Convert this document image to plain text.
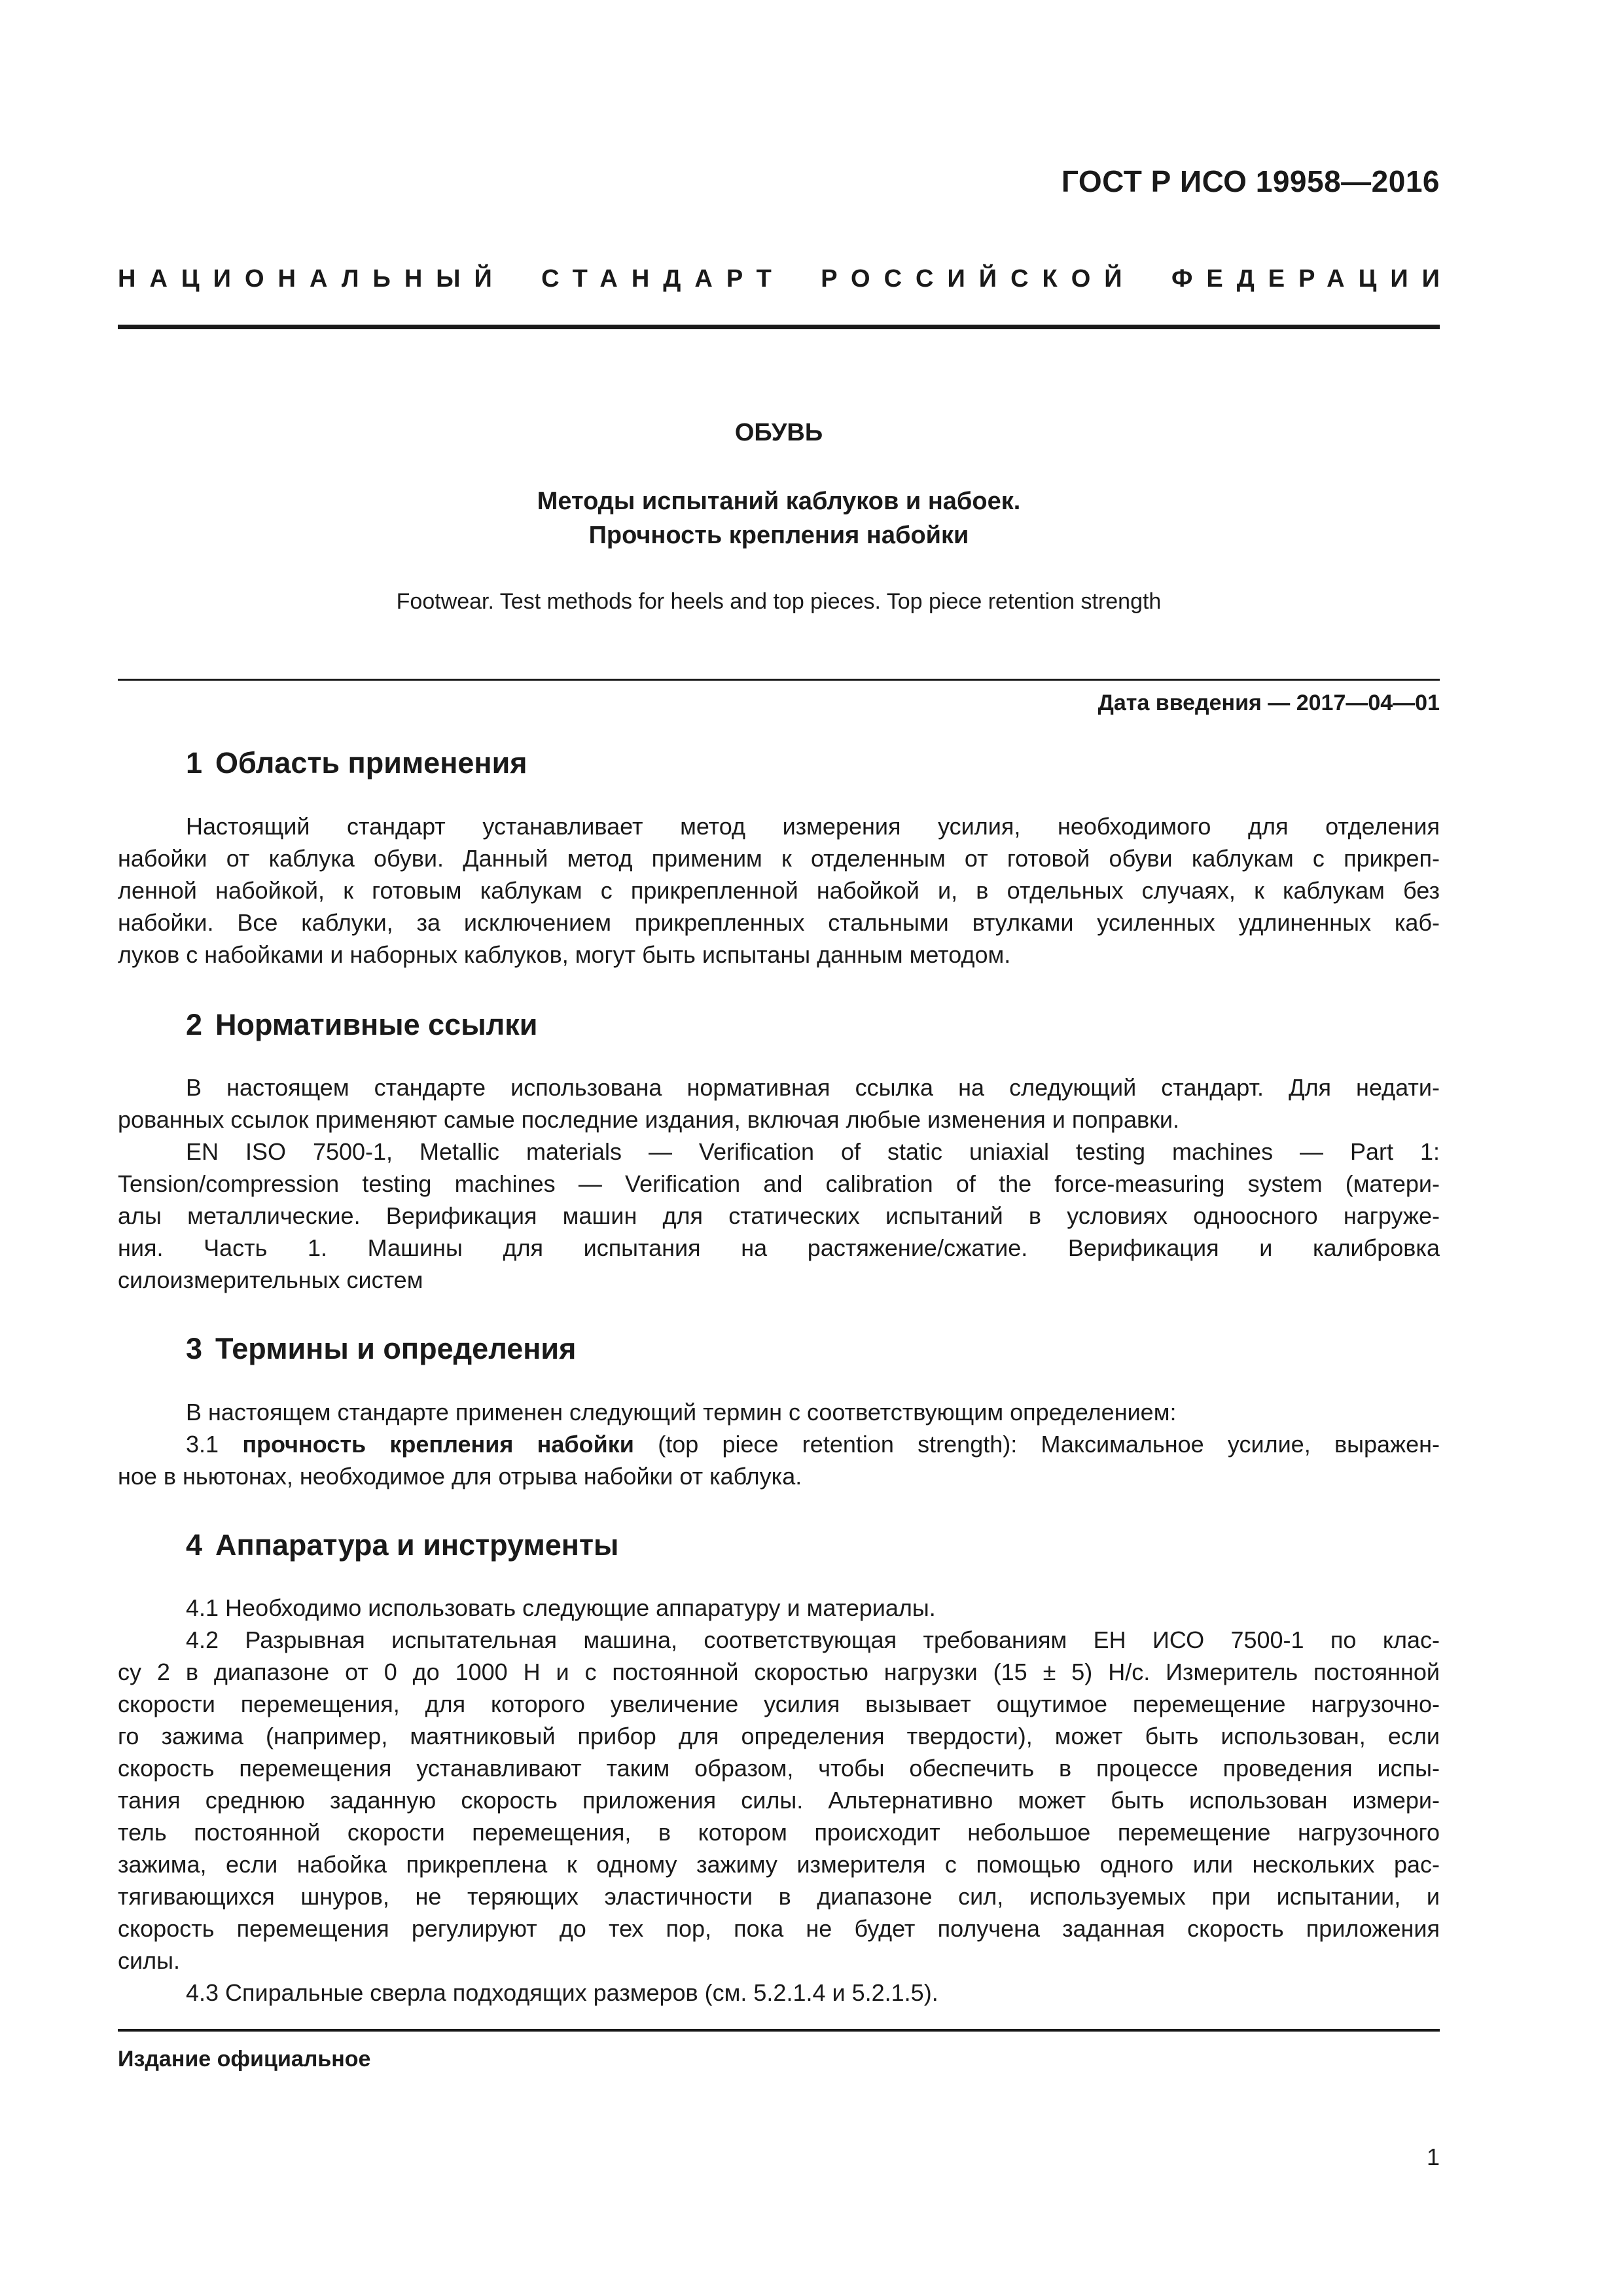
ГОСТ Р ИСО 19958—2016
НАЦИОНАЛЬНЫЙ СТАНДАРТ РОССИЙСКОЙ ФЕДЕРАЦИИ
ОБУВЬ
Методы испытаний каблуков и набоек.
Прочность крепления набойки
Footwear. Test methods for heels and top pieces. Top piece retention strength
Дата введения — 2017—04—01
1 Область применения
Настоящий стандарт устанавливает метод измерения усилия, необходимого для отделения
набойки от каблука обуви. Данный метод применим к отделенным от готовой обуви каблукам с прикреп-
ленной набойкой, к готовым каблукам с прикрепленной набойкой и, в отдельных случаях, к каблукам без
набойки. Все каблуки, за исключением прикрепленных стальными втулками усиленных удлиненных каб-
луков с набойками и наборных каблуков, могут быть испытаны данным методом.
2 Нормативные ссылки
В настоящем стандарте использована нормативная ссылка на следующий стандарт. Для недати-
рованных ссылок применяют самые последние издания, включая любые изменения и поправки.
EN ISO 7500-1, Metallic materials — Verification of static uniaxial testing machines — Part 1:
Tension/compression testing machines — Verification and calibration of the force-measuring system (матери-
алы металлические. Верификация машин для статических испытаний в условиях одноосного нагруже-
ния. Часть 1. Машины для испытания на растяжение/сжатие. Верификация и калибровка
силоизмерительных систем
3 Термины и определения
В настоящем стандарте применен следующий термин с соответствующим определением:
3.1 прочность крепления набойки (top piece retention strength): Максимальное усилие, выражен-
ное в ньютонах, необходимое для отрыва набойки от каблука.
4 Аппаратура и инструменты
4.1 Необходимо использовать следующие аппаратуру и материалы.
4.2 Разрывная испытательная машина, соответствующая требованиям ЕН ИСО 7500-1 по клас-
су 2 в диапазоне от 0 до 1000 Н и с постоянной скоростью нагрузки (15 ± 5) Н/с. Измеритель постоянной
скорости перемещения, для которого увеличение усилия вызывает ощутимое перемещение нагрузочно-
го зажима (например, маятниковый прибор для определения твердости), может быть использован, если
скорость перемещения устанавливают таким образом, чтобы обеспечить в процессе проведения испы-
тания среднюю заданную скорость приложения силы. Альтернативно может быть использован измери-
тель постоянной скорости перемещения, в котором происходит небольшое перемещение нагрузочного
зажима, если набойка прикреплена к одному зажиму измерителя с помощью одного или нескольких рас-
тягивающихся шнуров, не теряющих эластичности в диапазоне сил, используемых при испытании, и
скорость перемещения регулируют до тех пор, пока не будет получена заданная скорость приложения
силы.
4.3 Спиральные сверла подходящих размеров (см. 5.2.1.4 и 5.2.1.5).
Издание официальное
1
